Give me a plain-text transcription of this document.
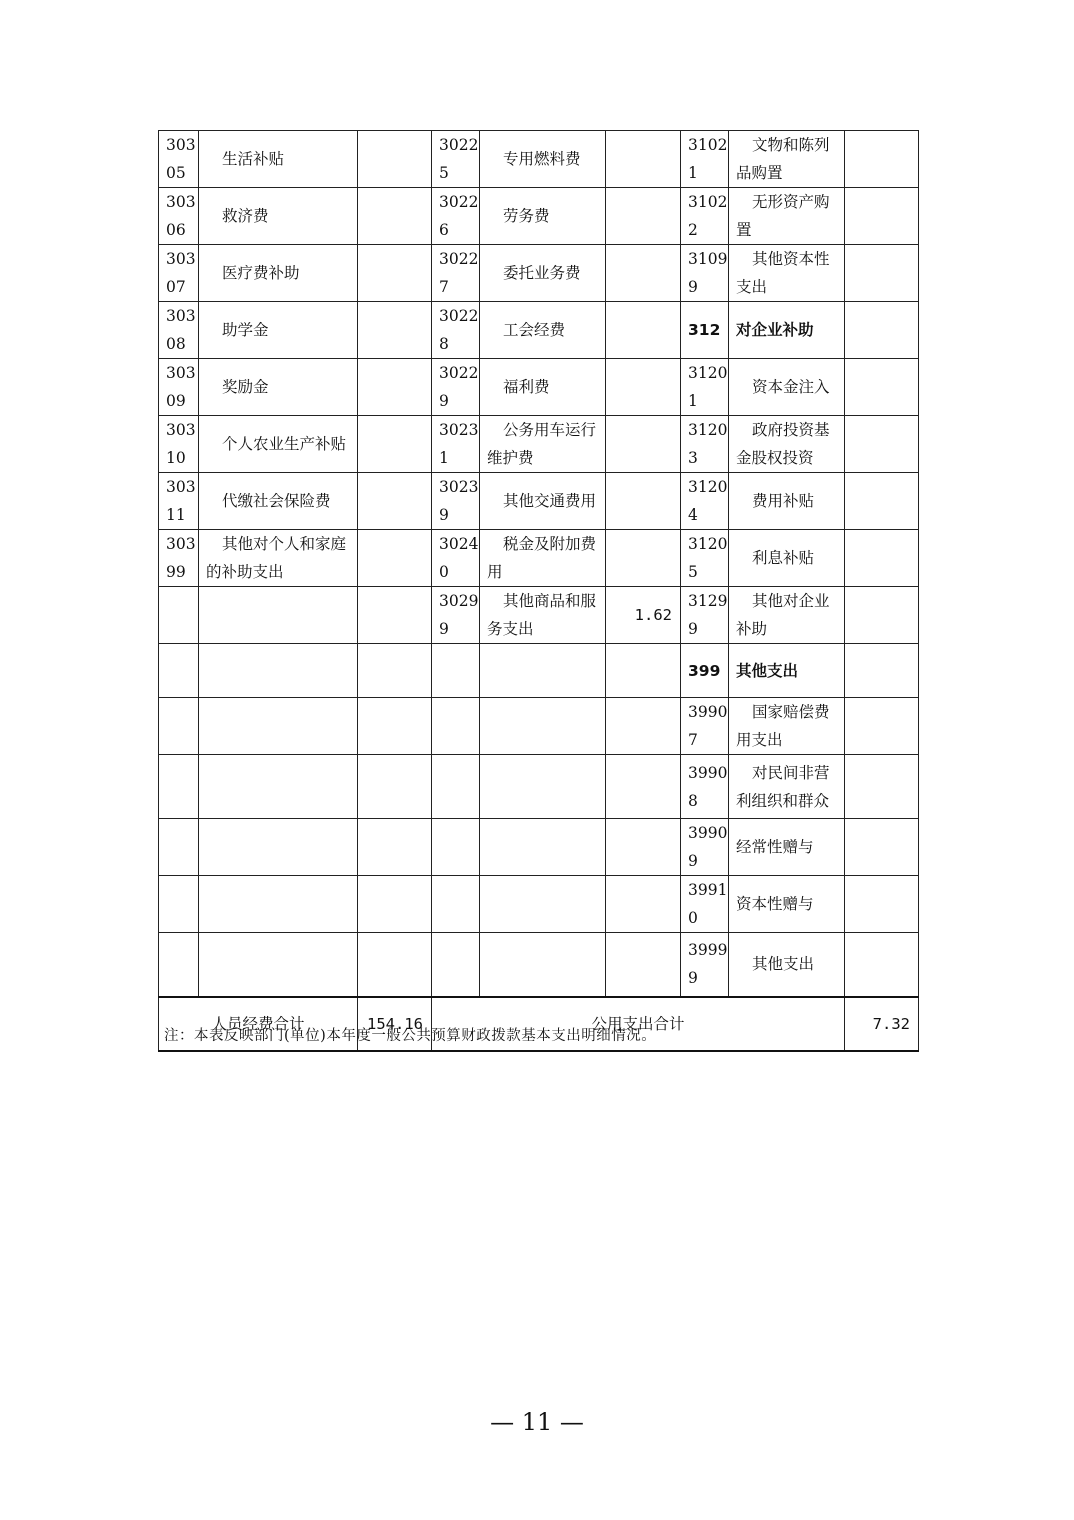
30305	生活补贴		30225	专用燃料费		31021	文物和陈列品购置	
30306	救济费		30226	劳务费		31022	无形资产购置	
30307	医疗费补助		30227	委托业务费		31099	其他资本性支出	
30308	助学金		30228	工会经费		312	对企业补助	
30309	奖励金		30229	福利费		31201	资本金注入	
30310	个人农业生产补贴		30231	公务用车运行维护费		31203	政府投资基金股权投资	
30311	代缴社会保险费		30239	其他交通费用		31204	费用补贴	
30399	其他对个人和家庭的补助支出		30240	税金及附加费用		31205	利息补贴	
			30299	其他商品和服务支出	1.62	31299	其他对企业补助	
						399	其他支出	
						39907	国家赔偿费用支出	
						39908	对民间非营利组织和群众	
						39909	经常性赠与	
						39910	资本性赠与	
						39999	其他支出	
人员经费合计		154.16	公用支出合计					7.32
注：本表反映部门(单位)本年度一般公共预算财政拨款基本支出明细情况。
— 11 —
